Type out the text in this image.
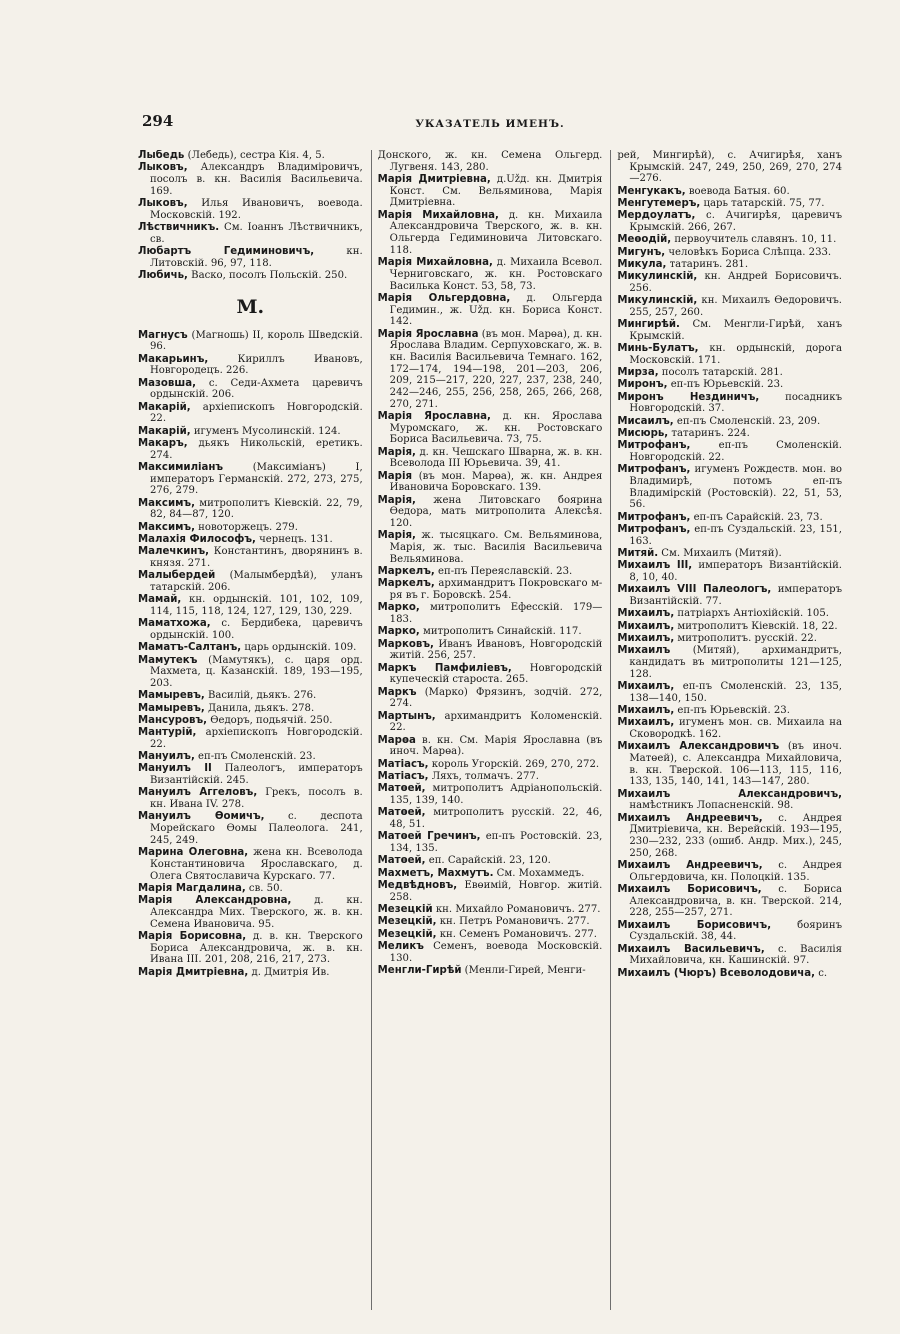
294	УКАЗАТЕЛЬ ИМЕНЪ.
Лыбедь (Лебедь), сестра Кія. 4, 5.
Лыковъ, Александръ Владиміровичъ, посолъ в. кн. Василія Васильевича. 169.
Лыковъ, Илья Ивановичъ, воевода. Московскій. 192.
Лѣствичникъ. См. Іоаннъ Лѣствичникъ, св.
Любартъ Гедиминовичъ, кн. Литовскій. 96, 97, 118.
Любичь, Васко, посолъ Польскій. 250.
М.
Магнусъ (Магношь) II, король Шведскій. 96.
Макарьинъ, Кириллъ Ивановъ, Новгородецъ. 226.
Мазовша, с. Седи-Ахмета царевичъ ордынскій. 206.
Макарій, архіепископъ Новгородскій. 22.
Макарій, игуменъ Мусолинскій. 124.
Макаръ, дьякъ Никольскій, еретикъ. 274.
Максимиліанъ (Максиміанъ) I, императоръ Германскій. 272, 273, 275, 276, 279.
Максимъ, митрополитъ Кіевскій. 22, 79, 82, 84—87, 120.
Максимъ, новоторжецъ. 279.
Малахія Философъ, чернецъ. 131.
Малечкинъ, Константинъ, дворянинъ в. князя. 271.
Малыбердей (Малымбердѣй), уланъ татарскій. 206.
Мамай, кн. ордынскій. 101, 102, 109, 114, 115, 118, 124, 127, 129, 130, 229.
Маматхожа, с. Бердибека, царевичъ ордынскій. 100.
Маматъ-Салтанъ, царь ордынскій. 109.
Мамутекъ (Мамутякъ), с. царя орд. Махмета, ц. Казанскій. 189, 193—195, 203.
Мамыревъ, Василій, дьякъ. 276.
Мамыревъ, Данила, дьякъ. 278.
Мансуровъ, Өедоръ, подьячій. 250.
Мантурій, архіепископъ Новгородскій. 22.
Мануилъ, еп-пъ Смоленскій. 23.
Мануилъ II Палеологъ, императоръ Византійскій. 245.
Мануилъ Аггеловъ, Грекъ, посолъ в. кн. Ивана IV. 278.
Мануилъ Өомичъ, с. деспота Морейскаго Өомы Палеолога. 241, 245, 249.
Марина Олеговна, жена кн. Всеволода Константиновича Ярославскаго, д. Олега Святославича Курскаго. 77.
Марія Магдалина, св. 50.
Марія Александровна, д. кн. Александра Мих. Тверского, ж. в. кн. Семена Ивановича. 95.
Марія Борисовна, д. в. кн. Тверского Бориса Александровича, ж. в. кн. Ивана III. 201, 208, 216, 217, 273.
Марія Дмитріевна, д. Дмитрія Ив.
Донского, ж. кн. Семена Ольгерд. Лугвеня. 143, 280.
Марія Дмитріевна, д.Užд. кн. Дмитрія Конст. См. Вельяминова, Марія Дмитріевна.
Марія Михайловна, д. кн. Михаила Александровича Тверского, ж. в. кн. Ольгерда Гедиминовича Литовскаго. 118.
Марія Михайловна, д. Михаила Всевол. Черниговскаго, ж. кн. Ростовскаго Василька Конст. 53, 58, 73.
Марія Ольгердовна, д. Ольгерда Гедимин., ж. Užд. кн. Бориса Конст. 142.
Марія Ярославна (въ мон. Марөа), д. кн. Ярослава Владим. Серпуховскаго, ж. в. кн. Василія Васильевича Темнаго. 162, 172—174, 194—198, 201—203, 206, 209, 215—217, 220, 227, 237, 238, 240, 242—246, 255, 256, 258, 265, 266, 268, 270, 271.
Марія Ярославна, д. кн. Ярослава Муромскаго, ж. кн. Ростовскаго Бориса Васильевича. 73, 75.
Марія, д. кн. Чешскаго Шварна, ж. в. кн. Всеволода III Юрьевича. 39, 41.
Марія (въ мон. Марөа), ж. кн. Андрея Ивановича Боровскаго. 139.
Марія, жена Литовскаго боярина Өедора, мать митрополита Алексѣя. 120.
Марія, ж. тысяцкаго. См. Вельяминова, Марія, ж. тыс. Василія Васильевича Вельяминова.
Маркелъ, еп-пъ Переяславскій. 23.
Маркелъ, архимандритъ Покровскаго м-ря въ г. Боровскѣ. 254.
Марко, митрополитъ Ефесскій. 179—183.
Марко, митрополитъ Синайскій. 117.
Марковъ, Иванъ Ивановъ, Новгородскій житій. 256, 257.
Маркъ Памфиліевъ, Новгородскій купеческій староста. 265.
Маркъ (Марко) Фрязинъ, зодчій. 272, 274.
Мартынъ, архимандритъ Коломенскій. 22.
Марөа в. кн. См. Марія Ярославна (въ иноч. Марөа).
Матіасъ, король Угорскій. 269, 270, 272.
Матіасъ, Ляхъ, толмачъ. 277.
Матөей, митрополитъ Адріанопольскій. 135, 139, 140.
Матөей, митрополитъ русскій. 22, 46, 48, 51.
Матөей Гречинъ, еп-пъ Ростовскій. 23, 134, 135.
Матөей, еп. Сарайскій. 23, 120.
Махметъ, Махмутъ. См. Мохаммедъ.
Медвѣдновъ, Евөимій, Новгор. житій. 258.
Мезецкій кн. Михайло Романовичъ. 277.
Мезецкій, кн. Петръ Романовичъ. 277.
Мезецкій, кн. Семенъ Романовичъ. 277.
Меликъ Семенъ, воевода Московскій. 130.
Менгли-Гирѣй (Менли-Гирей, Менги-
рей, Мингирѣй), с. Ачигирѣя, ханъ Крымскій. 247, 249, 250, 269, 270, 274—276.
Менгукакъ, воевода Батыя. 60.
Менгутемеръ, царь татарскій. 75, 77.
Мердоулатъ, с. Ачигирѣя, царевичъ Крымскій. 266, 267.
Меөодій, первоучитель славянъ. 10, 11.
Мигунъ, человѣкъ Бориса Слѣпца. 233.
Микула, татаринъ. 281.
Микулинскій, кн. Андрей Борисовичъ. 256.
Микулинскій, кн. Михаилъ Өедоровичъ. 255, 257, 260.
Мингирѣй. См. Менгли-Гирѣй, ханъ Крымскій.
Минь-Булатъ, кн. ордынскій, дорога Московскій. 171.
Мирза, посолъ татарскій. 281.
Миронъ, еп-пъ Юрьевскій. 23.
Миронъ Нездиничъ, посадникъ Новгородскій. 37.
Мисаилъ, еп-пъ Смоленскій. 23, 209.
Мисюрь, татаринъ. 224.
Митрофанъ, еп-пъ Смоленскій. Новгородскій. 22.
Митрофанъ, игуменъ Рождеств. мон. во Владимирѣ, потомъ еп-пъ Владимірскій (Ростовскій). 22, 51, 53, 56.
Митрофанъ, еп-пъ Сарайскій. 23, 73.
Митрофанъ, еп-пъ Суздальскій. 23, 151, 163.
Митяй. См. Михаилъ (Митяй).
Михаилъ III, императоръ Византійскій. 8, 10, 40.
Михаилъ VIII Палеологъ, императоръ Византійскій. 77.
Михаилъ, патріархъ Антіохійскій. 105.
Михаилъ, митрополитъ Кіевскій. 18, 22.
Михаилъ, митрополитъ. русскій. 22.
Михаилъ (Митяй), архимандритъ, кандидатъ въ митрополиты 121—125, 128.
Михаилъ, еп-пъ Смоленскій. 23, 135, 138—140, 150.
Михаилъ, еп-пъ Юрьевскій. 23.
Михаилъ, игуменъ мон. св. Михаила на Сковородкѣ. 162.
Михаилъ Александровичъ (въ иноч. Матөей), с. Александра Михайловича, в. кн. Тверской. 106—113, 115, 116, 133, 135, 140, 141, 143—147, 280.
Михаилъ Александровичъ, намѣстникъ Лопасненскій. 98.
Михаилъ Андреевичъ, с. Андрея Дмитріевича, кн. Верейскій. 193—195, 230—232, 233 (ошиб. Андр. Мих.), 245, 250, 268.
Михаилъ Андреевичъ, с. Андрея Ольгердовича, кн. Полоцкій. 135.
Михаилъ Борисовичъ, с. Бориса Александровича, в. кн. Тверской. 214, 228, 255—257, 271.
Михаилъ Борисовичъ, бояринъ Суздальскій. 38, 44.
Михаилъ Васильевичъ, с. Василія Михайловича, кн. Кашинскій. 97.
Михаилъ (Чюръ) Всеволодовича, с.
